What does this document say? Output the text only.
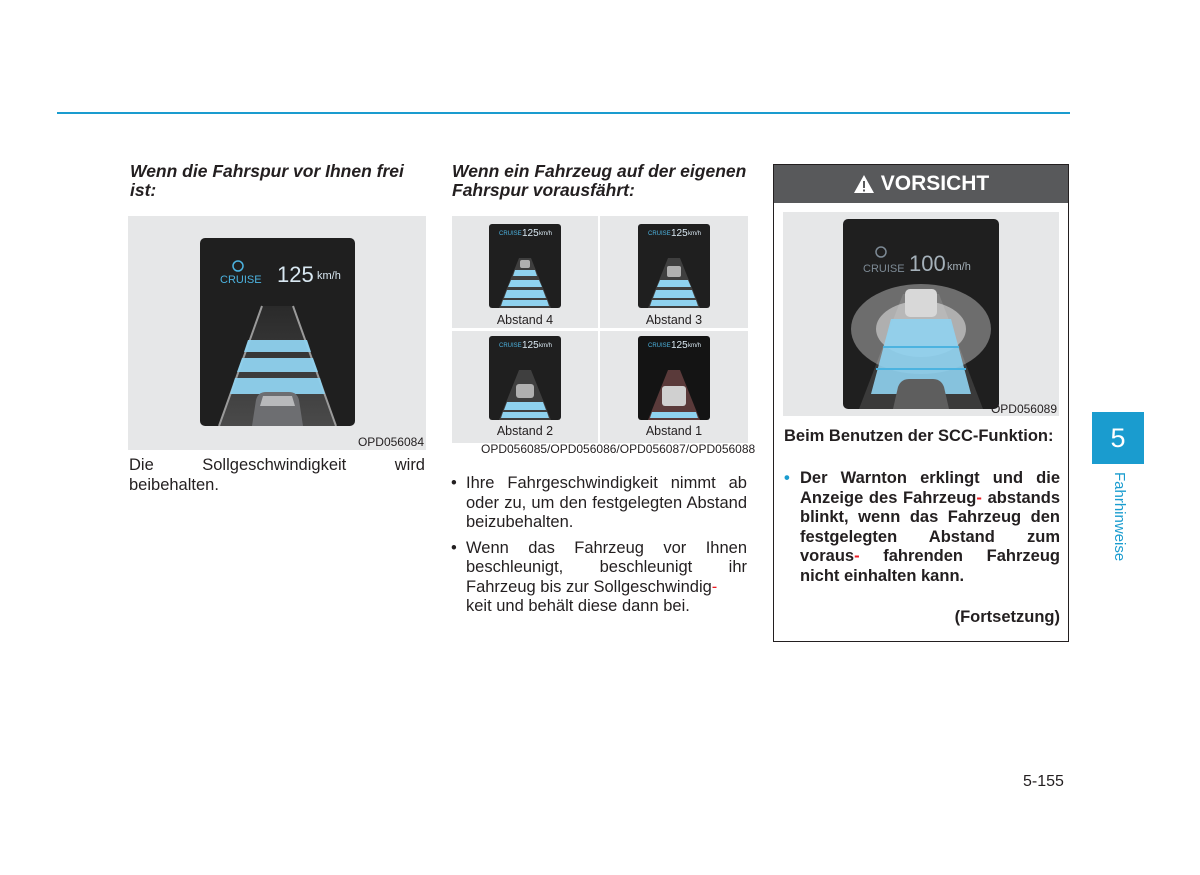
Wenn die Fahrspur vor Ihnen frei ist:
CRUISE 125 km/h
OPD056084
Die Sollgeschwindigkeit wird beibehalten.
Wenn ein Fahrzeug auf der eigenen Fahrspur vorausfährt:
CRUISE 125 km/h
Abstand 4
CRUISE 125 km/h
Abstand 3
CRUISE 125 km/h
Abstand 2
CRUISE 125 km/h
Abstand 1
OPD056085/OPD056086/OPD056087/OPD056088
• Ihre Fahrgeschwindigkeit nimmt ab oder zu, um den festgelegten Abstand beizubehalten.
• Wenn das Fahrzeug vor Ihnen beschleunigt, beschleunigt ihr Fahrzeug bis zur Sollgeschwindig-
keit und behält diese dann bei.
VORSICHT
CRUISE 100 km/h
OPD056089
Beim Benutzen der SCC-Funktion:
• Der Warnton erklingt und die Anzeige des Fahrzeug- abstands blinkt, wenn das Fahrzeug den festgelegten Abstand zum voraus- fahrenden Fahrzeug nicht einhalten kann.
(Fortsetzung)
5
Fahrhinweise
5-155
